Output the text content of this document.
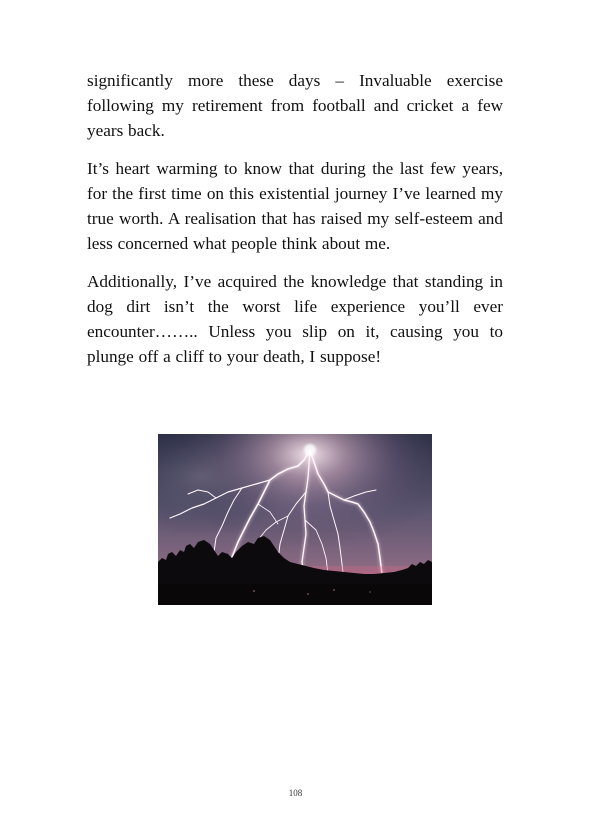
significantly more these days – Invaluable exercise following my retirement from football and cricket a few years back.

It’s heart warming to know that during the last few years, for the first time on this existential journey I’ve learned my true worth. A realisation that has raised my self-esteem and less concerned what people think about me.

Additionally, I’ve acquired the knowledge that standing in dog dirt isn’t the worst life experience you’ll ever encounter…….. Unless you slip on it, causing you to plunge off a cliff to your death, I suppose!

108
